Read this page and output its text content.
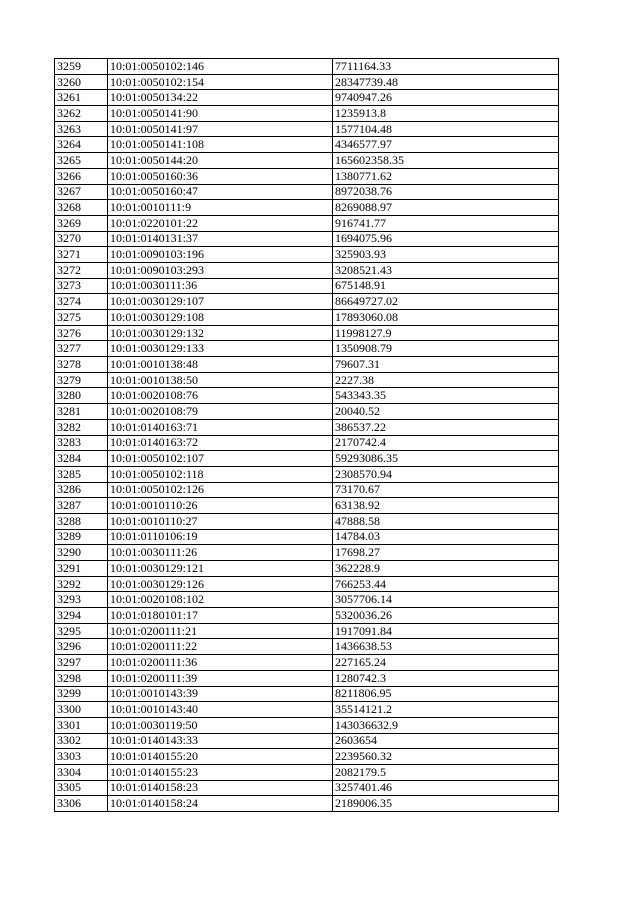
3259	10:01:0050102:146	7711164.33
3260	10:01:0050102:154	28347739.48
3261	10:01:0050134:22	9740947.26
3262	10:01:0050141:90	1235913.8
3263	10:01:0050141:97	1577104.48
3264	10:01:0050141:108	4346577.97
3265	10:01:0050144:20	165602358.35
3266	10:01:0050160:36	1380771.62
3267	10:01:0050160:47	8972038.76
3268	10:01:0010111:9	8269088.97
3269	10:01:0220101:22	916741.77
3270	10:01:0140131:37	1694075.96
3271	10:01:0090103:196	325903.93
3272	10:01:0090103:293	3208521.43
3273	10:01:0030111:36	675148.91
3274	10:01:0030129:107	86649727.02
3275	10:01:0030129:108	17893060.08
3276	10:01:0030129:132	11998127.9
3277	10:01:0030129:133	1350908.79
3278	10:01:0010138:48	79607.31
3279	10:01:0010138:50	2227.38
3280	10:01:0020108:76	543343.35
3281	10:01:0020108:79	20040.52
3282	10:01:0140163:71	386537.22
3283	10:01:0140163:72	2170742.4
3284	10:01:0050102:107	59293086.35
3285	10:01:0050102:118	2308570.94
3286	10:01:0050102:126	73170.67
3287	10:01:0010110:26	63138.92
3288	10:01:0010110:27	47888.58
3289	10:01:0110106:19	14784.03
3290	10:01:0030111:26	17698.27
3291	10:01:0030129:121	362228.9
3292	10:01:0030129:126	766253.44
3293	10:01:0020108:102	3057706.14
3294	10:01:0180101:17	5320036.26
3295	10:01:0200111:21	1917091.84
3296	10:01:0200111:22	1436638.53
3297	10:01:0200111:36	227165.24
3298	10:01:0200111:39	1280742.3
3299	10:01:0010143:39	8211806.95
3300	10:01:0010143:40	35514121.2
3301	10:01:0030119:50	143036632.9
3302	10:01:0140143:33	2603654
3303	10:01:0140155:20	2239560.32
3304	10:01:0140155:23	2082179.5
3305	10:01:0140158:23	3257401.46
3306	10:01:0140158:24	2189006.35
